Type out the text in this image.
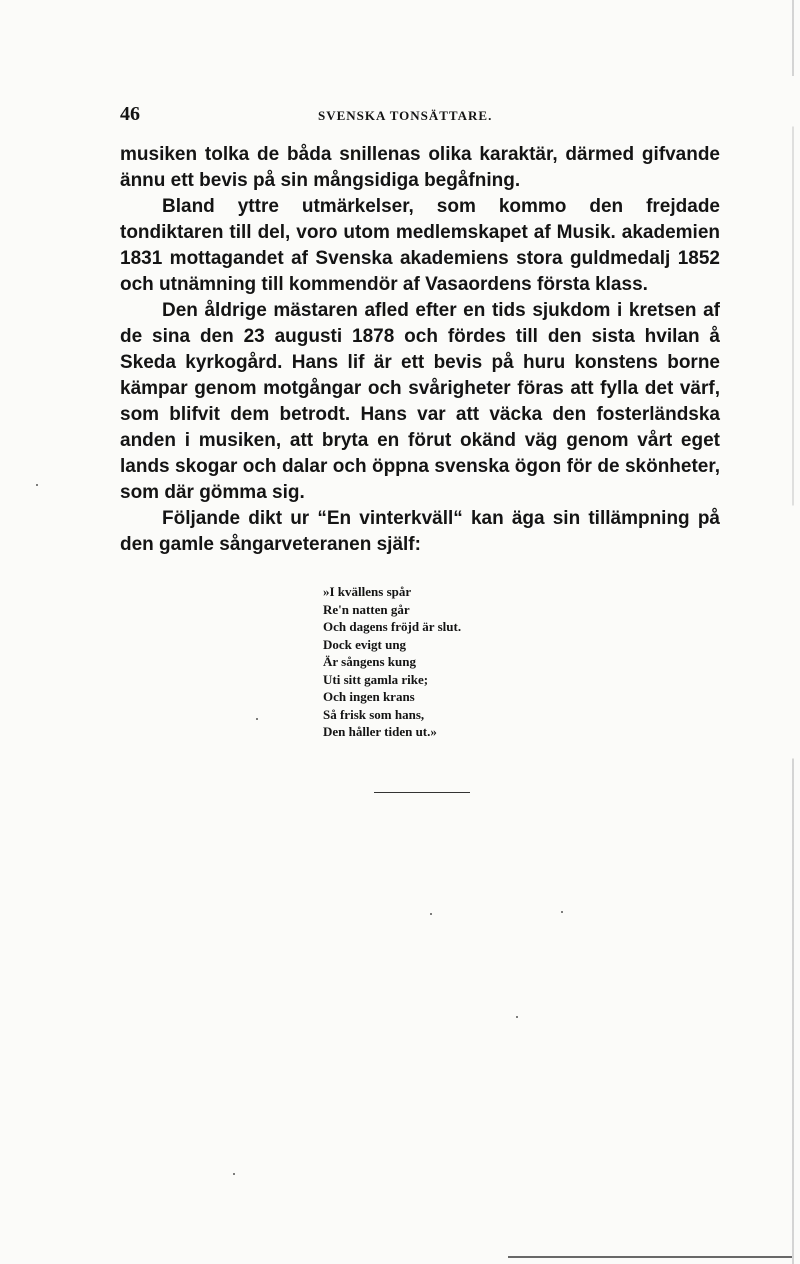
46	SVENSKA TONSÄTTARE.

musiken tolka de båda snillenas olika karaktär, därmed gifvande ännu ett bevis på sin mångsidiga begåfning.

Bland yttre utmärkelser, som kommo den frejdade tondiktaren till del, voro utom medlemskapet af Musik. akademien 1831 mottagandet af Svenska akademiens stora guldmedalj 1852 och utnämning till kommendör af Vasaordens första klass.

Den åldrige mästaren afled efter en tids sjukdom i kretsen af de sina den 23 augusti 1878 och fördes till den sista hvilan å Skeda kyrkogård. Hans lif är ett bevis på huru konstens borne kämpar genom motgångar och svårigheter föras att fylla det värf, som blifvit dem betrodt. Hans var att väcka den fosterländska anden i musiken, att bryta en förut okänd väg genom vårt eget lands skogar och dalar och öppna svenska ögon för de skönheter, som där gömma sig.

Följande dikt ur “En vinterkväll“ kan äga sin tillämpning på den gamle sångarveteranen själf:

»I kvällens spår
Re'n natten går
Och dagens fröjd är slut.
Dock evigt ung
Är sångens kung
Uti sitt gamla rike;
Och ingen krans
Så frisk som hans,
Den håller tiden ut.»
